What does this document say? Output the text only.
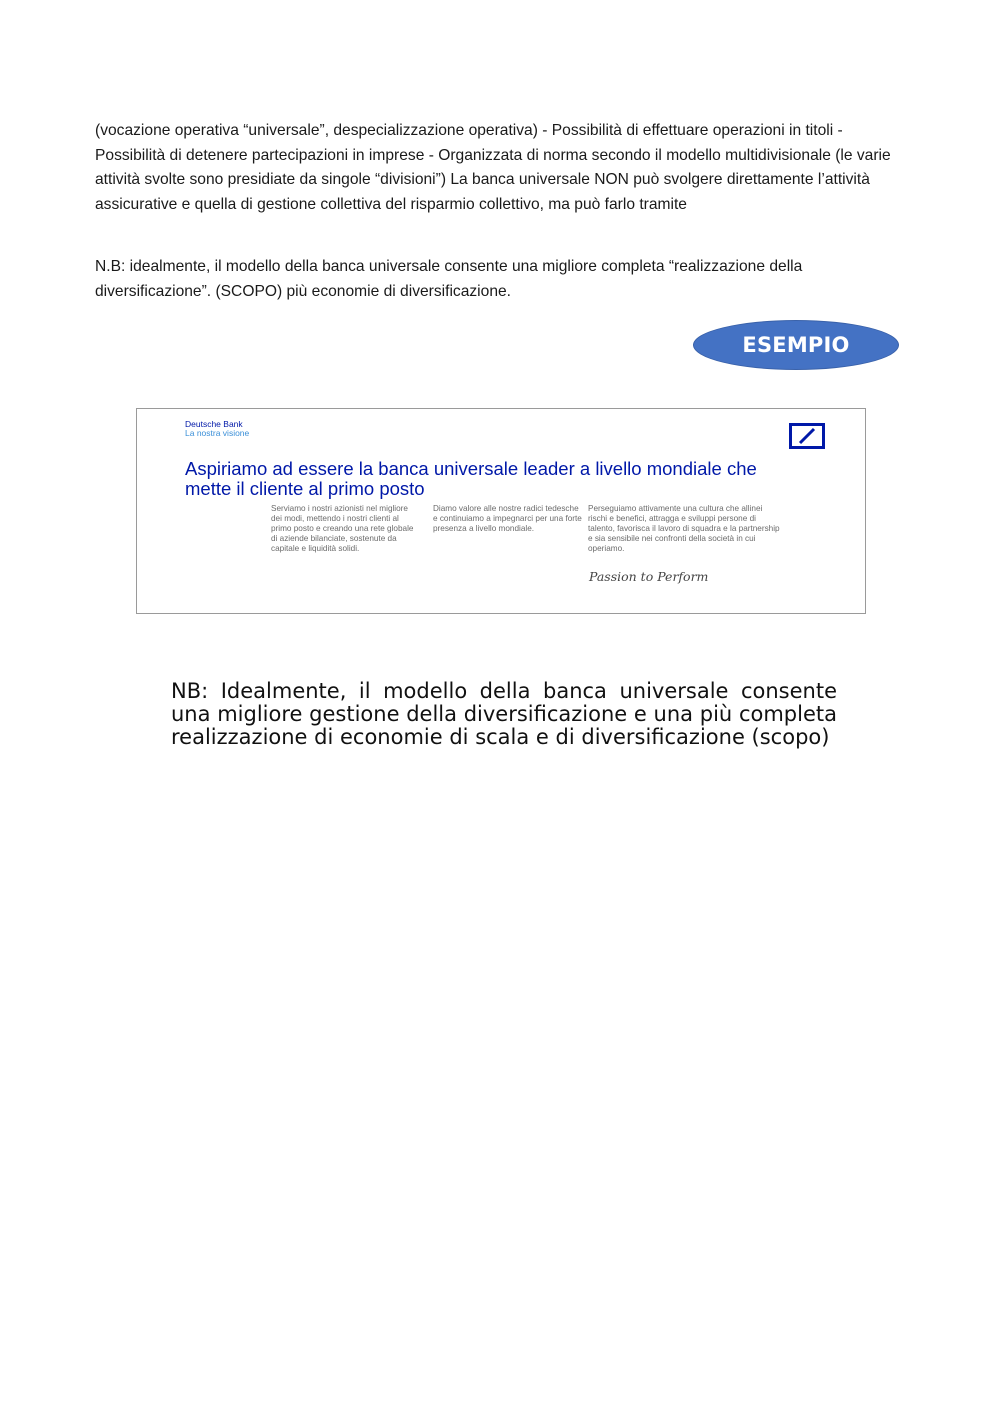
(vocazione operativa “universale”, despecializzazione operativa) - Possibilità di effettuare operazioni in titoli - Possibilità di detenere partecipazioni in imprese - Organizzata di norma secondo il modello multidivisionale (le varie attività svolte sono presidiate da singole “divisioni”) La banca universale NON può svolgere direttamente l’attività assicurative e quella di gestione collettiva del risparmio collettivo, ma può farlo tramite

N.B: idealmente, il modello della banca universale consente una migliore completa “realizzazione della diversificazione”. (SCOPO) più economie di diversificazione.

ESEMPIO
Deutsche Bank
La nostra visione
Aspiriamo ad essere la banca universale leader a livello mondiale che mette il cliente al primo posto
Serviamo i nostri azionisti nel migliore dei modi, mettendo i nostri clienti al primo posto e creando una rete globale di aziende bilanciate, sostenute da capitale e liquidità solidi.
Diamo valore alle nostre radici tedesche e continuiamo a impegnarci per una forte presenza a livello mondiale.
Perseguiamo attivamente una cultura che allinei rischi e benefici, attragga e sviluppi persone di talento, favorisca il lavoro di squadra e la partnership e sia sensibile nei confronti della società in cui operiamo.
Passion to Perform

NB: Idealmente, il modello della banca universale consente una migliore gestione della diversificazione e una più completa realizzazione di economie di scala e di diversificazione (scopo)
